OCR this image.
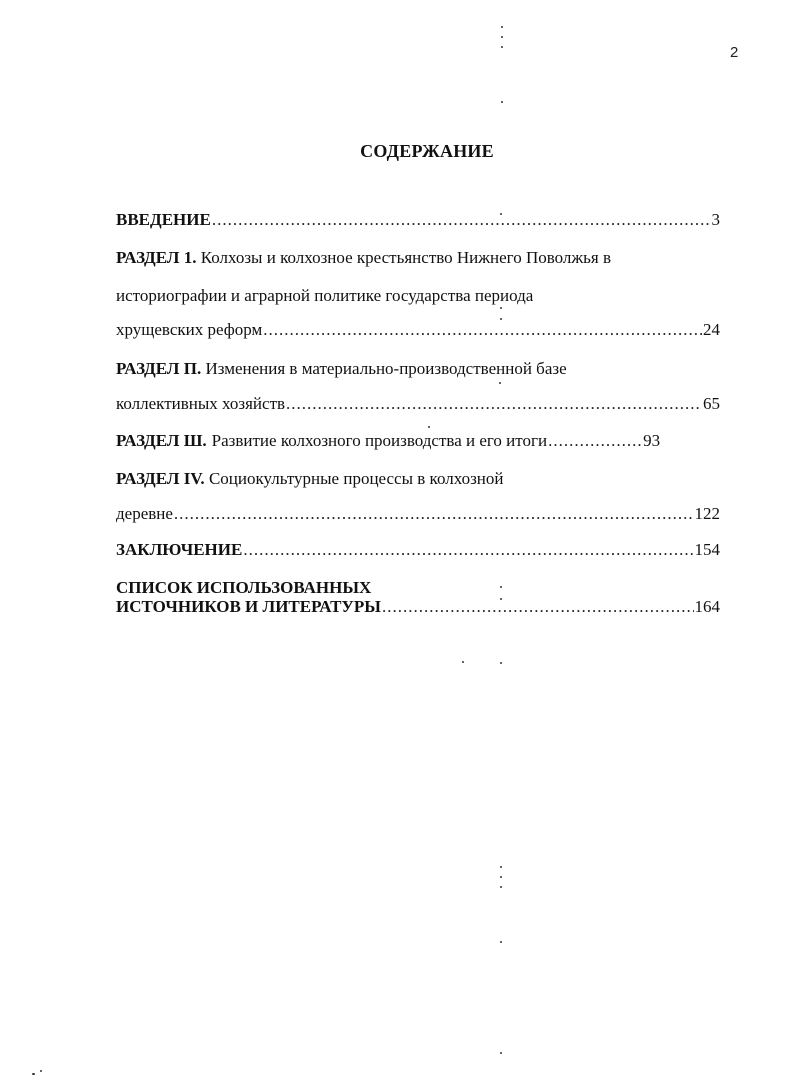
2
СОДЕРЖАНИЕ
ВВЕДЕНИЕ .....	3
РАЗДЕЛ 1. Колхозы и колхозное крестьянство Нижнего Поволжья в
историографии и аграрной политике государства периода
хрущевских реформ .....	24
РАЗДЕЛ П. Изменения в материально-производственной базе
коллективных хозяйств .....	65
РАЗДЕЛ Ш. Развитие колхозного производства и его итоги .....	93
РАЗДЕЛ IV. Социокультурные процессы в колхозной
деревне .....	122
ЗАКЛЮЧЕНИЕ .....	154
СПИСОК ИСПОЛЬЗОВАННЫХ
ИСТОЧНИКОВ И ЛИТЕРАТУРЫ .....	164
